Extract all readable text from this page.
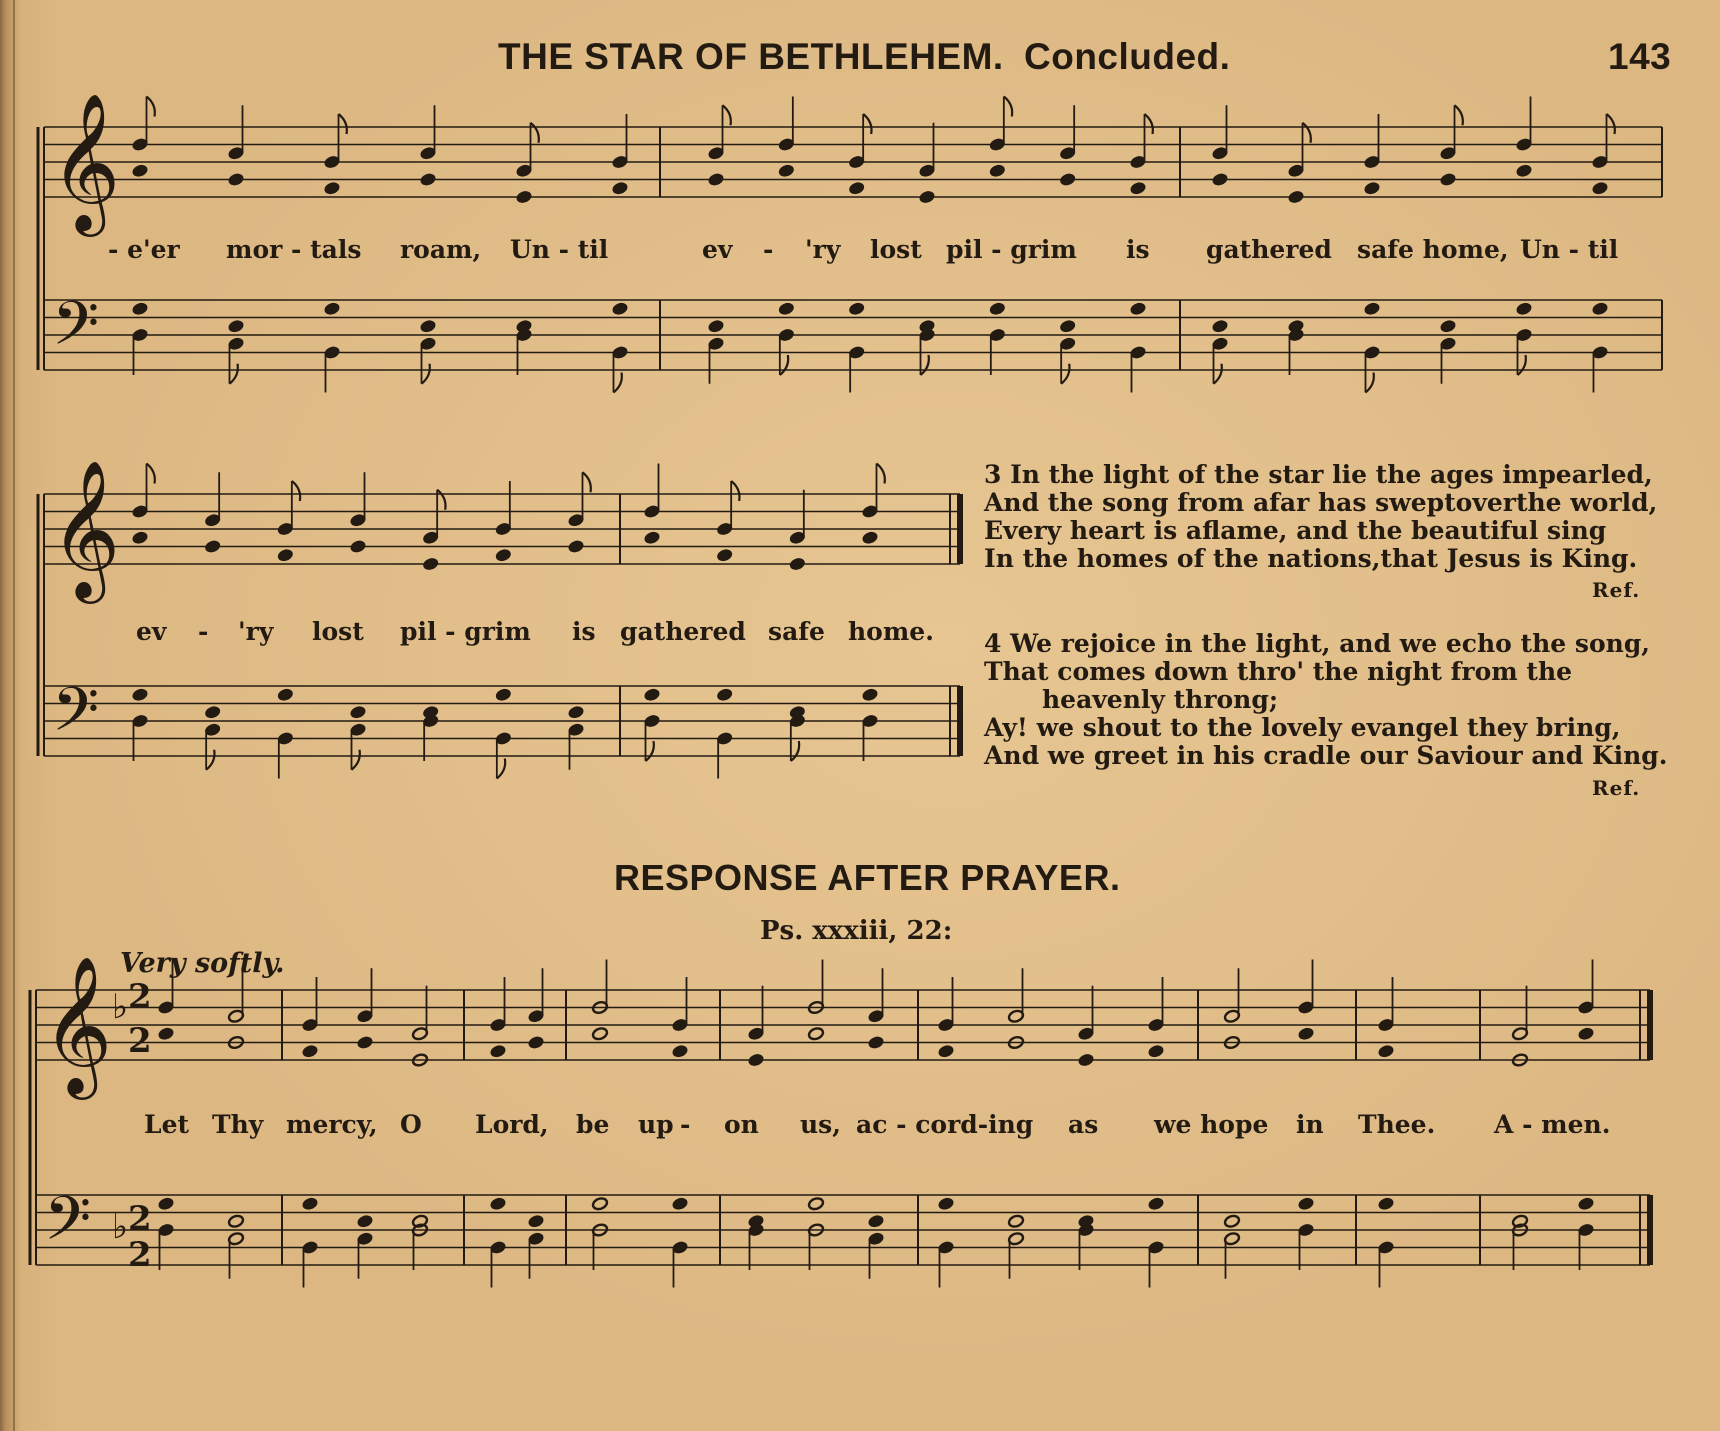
THE STAR OF BETHLEHEM. Concluded.	143
𝄞
𝄢
𝄞
𝄢
𝄞
𝄢
♭
♭
2
2
2
2
- e'er mor - tals roam, Un - til	ev - 'ry lost pil - grim is gathered safe home, Un - til
ev - 'ry lost pil - grim is gathered safe home.
3 In the light of the star lie the ages impearled,
And the song from afar has sweptoverthe world,
Every heart is aflame, and the beautiful sing
In the homes of the nations,that Jesus is King.
Ref.
4 We rejoice in the light, and we echo the song,
That comes down thro' the night from the
heavenly throng;
Ay! we shout to the lovely evangel they bring,
And we greet in his cradle our Saviour and King.
Ref.
RESPONSE AFTER PRAYER.
Ps. xxxiii, 22:
Very softly.
Let Thy mercy, O Lord, be up - on us, ac - cord-ing as we hope in Thee. A - men.
